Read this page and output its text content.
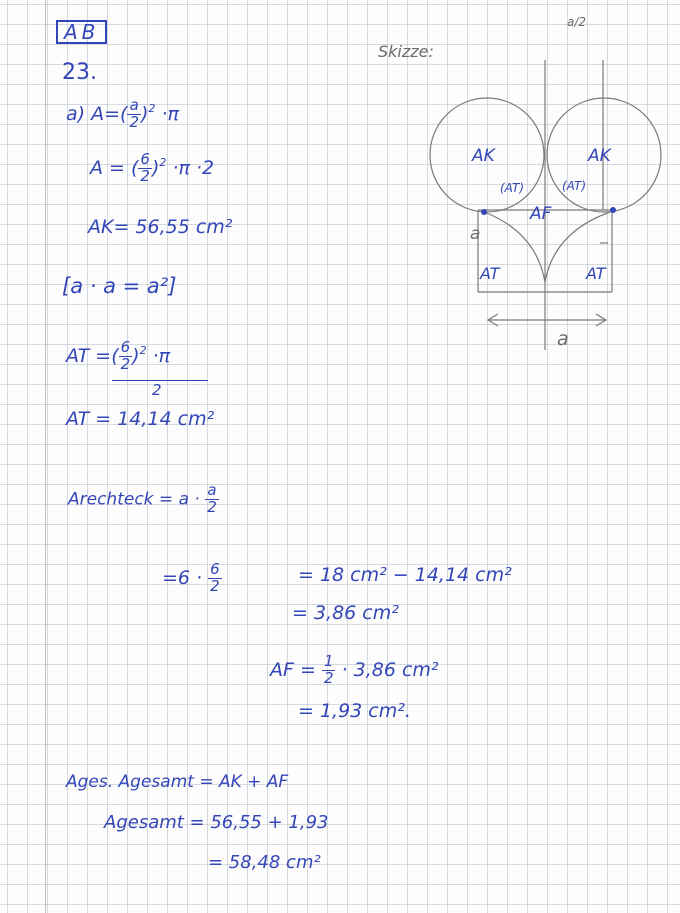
AB
23.
a) $A=( \frac{a}{2} )^2 \cdot\pi$
A = ( $\frac{6}{2} )^2 \cdot\pi \cdot 2$
AK= 56,55 cm²
[a · a = a²]
AT =( $\frac{6}{2} )^2 \cdot\pi$
2
AT = 14,14 cm²
Arechteck = $a \cdot \frac{a}{2}$
$=6 \cdot \frac{6}{2}$	= 18 cm² − 14,14 cm²
= 3,86 cm²
AF = $\frac{1}{2} \cdot 3,86$ cm²
= 1,93 cm².
Ages. Agesamt = AK + AF
Agesamt = 56,55 + 1,93
= 58,48 cm²
Skizze:
a/2
AK	AK
(AT)	(AT)
AF
a
AT	AT
a
